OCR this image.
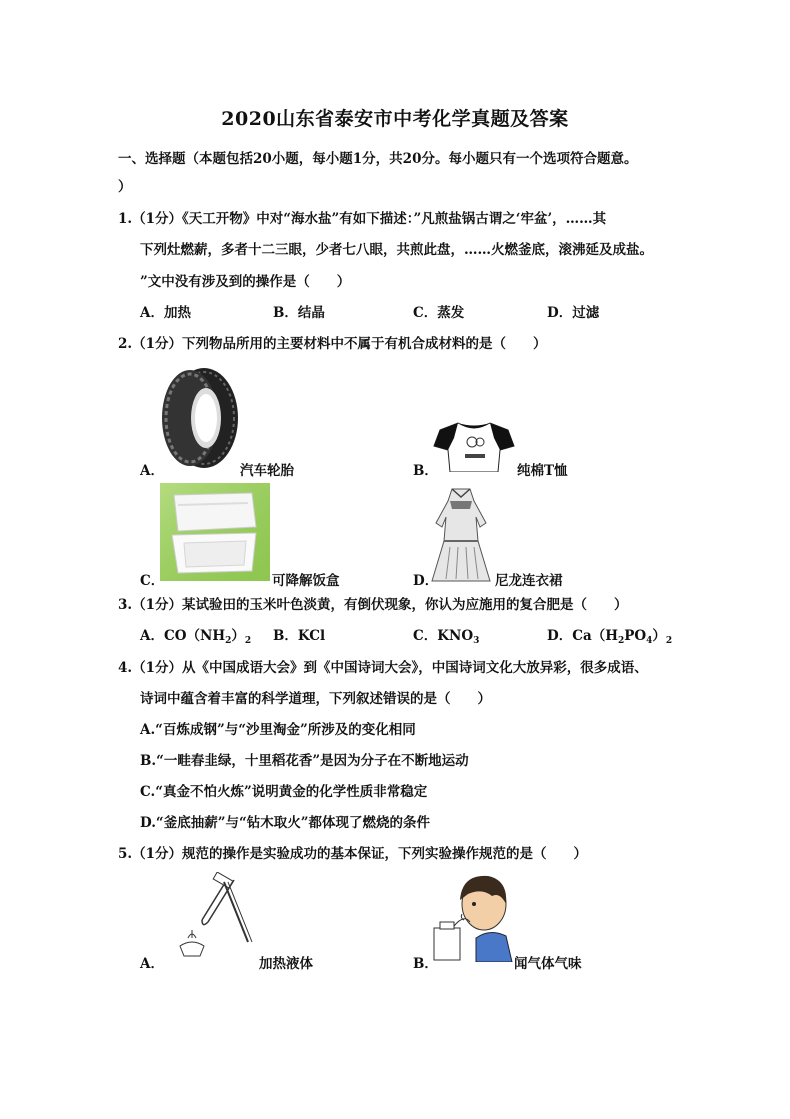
2020山东省泰安市中考化学真题及答案
一、选择题（本题包括20小题，每小题1分，共20分。每小题只有一个选项符合题意。
）
1.（1分）《天工开物》中对“海水盐”有如下描述：”凡煎盐锅古谓之‘牢盆’，……其
下列灶燃薪，多者十二三眼，少者七八眼，共煎此盘，……火燃釜底，滚沸延及成盐。
”文中没有涉及到的操作是（　　）
A．加热	B．结晶	C．蒸发	D．过滤
2.（1分）下列物品所用的主要材料中不属于有机合成材料的是（　　）
A．	汽车轮胎	B．	纯棉T恤
C．	可降解饭盒	D．	尼龙连衣裙
3.（1分）某试验田的玉米叶色淡黄，有倒伏现象，你认为应施用的复合肥是（　　）
A．$CO(NH_2)_2$ B．KCl	C．$KNO_3$	D．$Ca(H_2PO_4)_2$
4.（1分）从《中国成语大会》到《中国诗词大会》，中国诗词文化大放异彩，很多成语、
诗词中蕴含着丰富的科学道理，下列叙述错误的是（　　）
A.“百炼成钢”与“沙里淘金”所涉及的变化相同
B.“一畦春韭绿，十里稻花香”是因为分子在不断地运动
C.“真金不怕火炼”说明黄金的化学性质非常稳定
D.“釜底抽薪”与“钻木取火”都体现了燃烧的条件
5.（1分）规范的操作是实验成功的基本保证，下列实验操作规范的是（　　）
A．	加热液体	B．	闻气体气味
